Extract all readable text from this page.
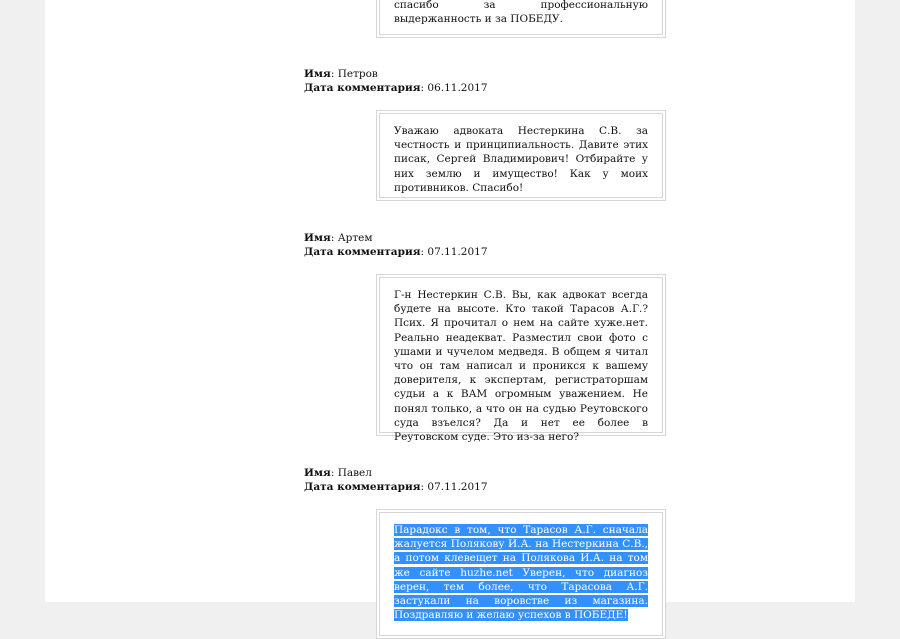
спасибо за профессиональную выдержанность и за ПОБЕДУ.
Имя: Петров
Дата комментария: 06.11.2017
Уважаю адвоката Нестеркина С.В. за честность и принципиальность. Давите этих писак, Сергей Владимирович! Отбирайте у них землю и имущество! Как у моих противников. Спасибо!
Имя: Артем
Дата комментария: 07.11.2017
Г-н Нестеркин С.В. Вы, как адвокат всегда будете на высоте. Кто такой Тарасов А.Г.? Псих. Я прочитал о нем на сайте хуже.нет. Реально неадекват. Разместил свои фото с ушами и чучелом медведя. В общем я читал что он там написал и проникся к вашему доверителя, к экспертам, регистраторшам судьи а к ВАМ огромным уважением. Не понял только, а что он на судью Реутовского суда взъелся? Да и нет ее более в Реутовском суде. Это из-за него?
Имя: Павел
Дата комментария: 07.11.2017
Парадокс в том, что Тарасов А.Г. сначала жалуется Полякову И.А. на Нестеркина С.В., а потом клевещет на Полякова И.А. на том же сайте huzhe.net Уверен, что диагноз верен, тем более, что Тарасова А.Г. застукали на воровстве из магазина. Поздравляю и желаю успехов в ПОБЕДЕ!
